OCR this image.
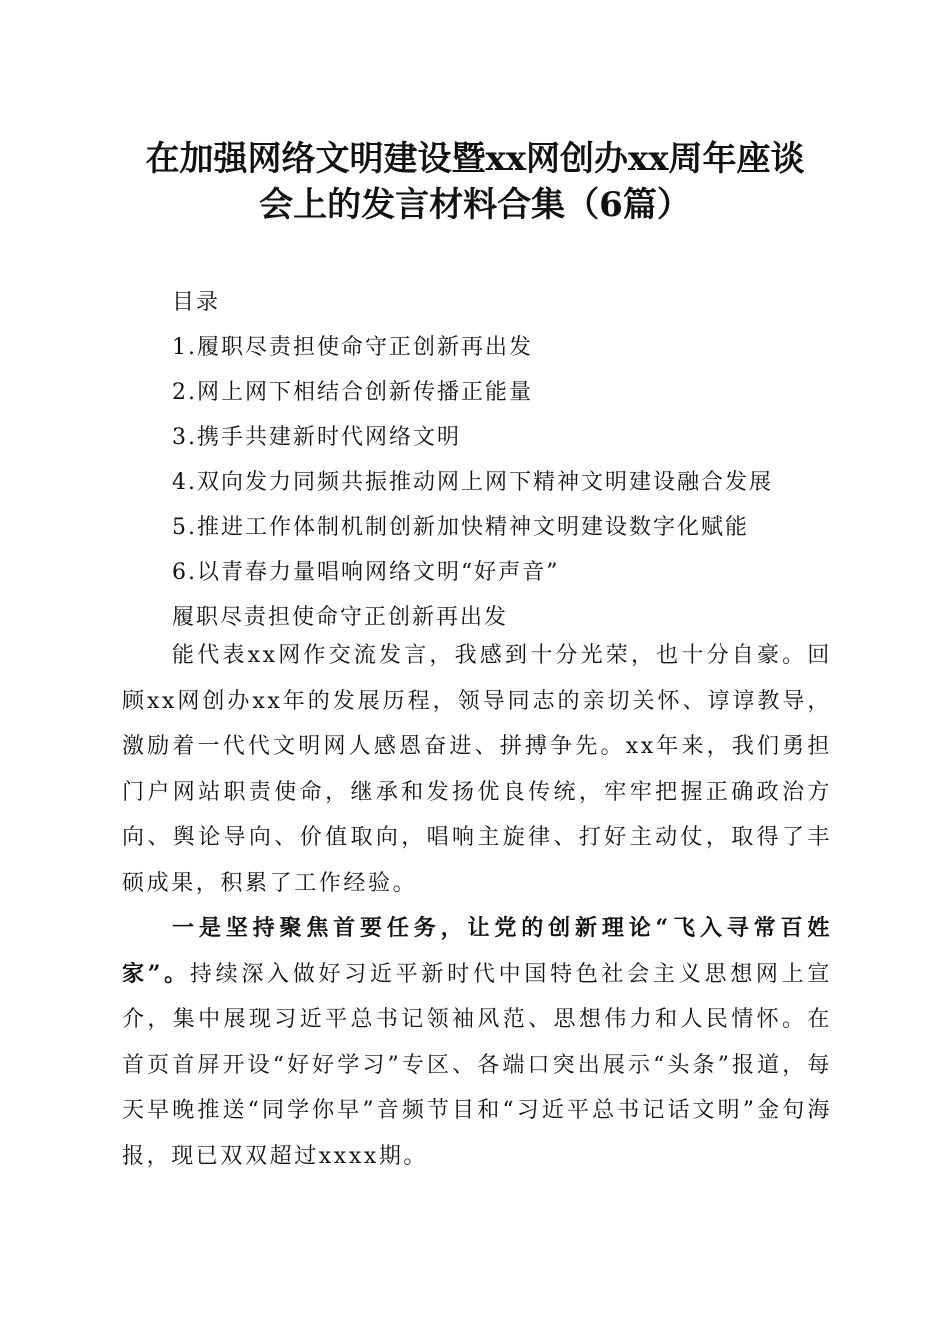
在加强网络文明建设暨xx网创办xx周年座谈
会上的发言材料合集（6篇）
目录
1.履职尽责担使命守正创新再出发
2.网上网下相结合创新传播正能量
3.携手共建新时代网络文明
4.双向发力同频共振推动网上网下精神文明建设融合发展
5.推进工作体制机制创新加快精神文明建设数字化赋能
6.以青春力量唱响网络文明“好声音”
履职尽责担使命守正创新再出发

能代表xx网作交流发言，我感到十分光荣，也十分自豪。回顾xx网创办xx年的发展历程，领导同志的亲切关怀、谆谆教导，激励着一代代文明网人感恩奋进、拼搏争先。xx年来，我们勇担门户网站职责使命，继承和发扬优良传统，牢牢把握正确政治方向、舆论导向、价值取向，唱响主旋律、打好主动仗，取得了丰硕成果，积累了工作经验。

一是坚持聚焦首要任务，让党的创新理论“飞入寻常百姓家”。持续深入做好习近平新时代中国特色社会主义思想网上宣介，集中展现习近平总书记领袖风范、思想伟力和人民情怀。在首页首屏开设“好好学习”专区、各端口突出展示“头条”报道，每天早晚推送“同学你早”音频节目和“习近平总书记话文明”金句海报，现已双双超过xxxx期。
